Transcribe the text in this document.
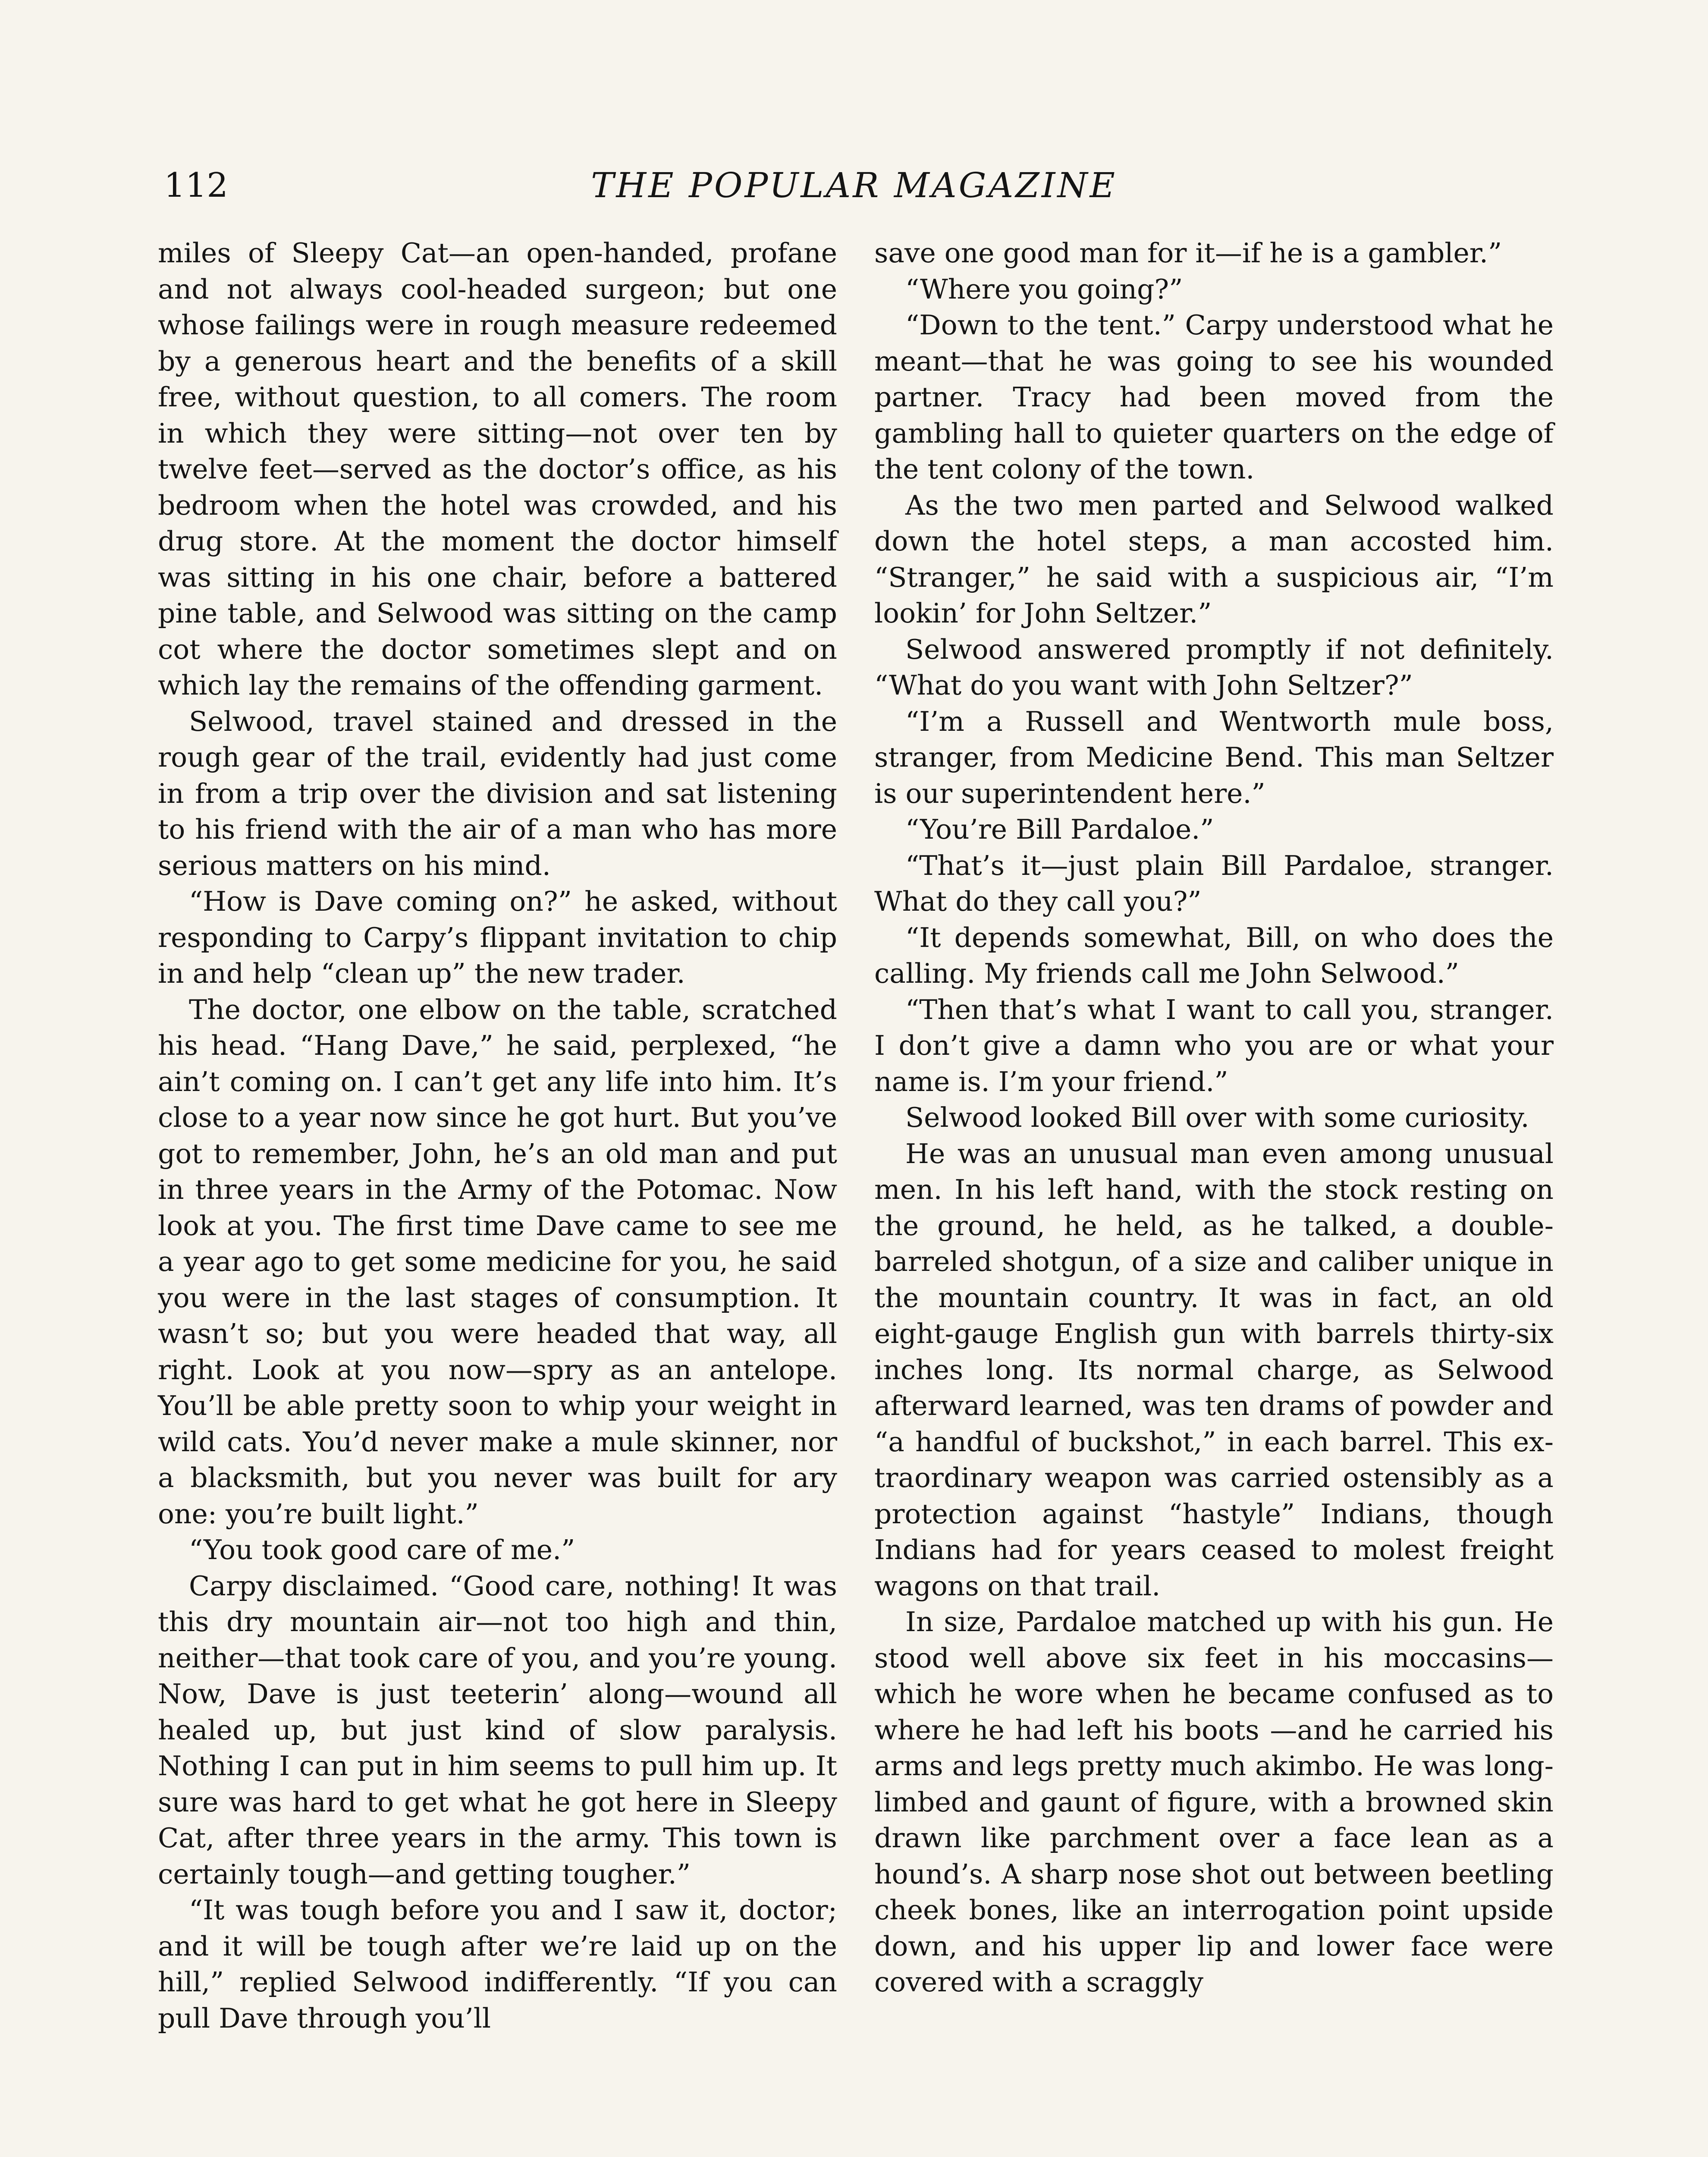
112	THE POPULAR MAGAZINE

miles of Sleepy Cat—an open-handed, profane and not always cool-headed surgeon; but one whose failings were in rough measure redeemed by a generous heart and the benefits of a skill free, without question, to all comers. The room in which they were sitting—not over ten by twelve feet—served as the doctor’s office, as his bedroom when the hotel was crowded, and his drug store. At the moment the doctor himself was sitting in his one chair, before a battered pine table, and Selwood was sitting on the camp cot where the doctor sometimes slept and on which lay the remains of the offending garment.

Selwood, travel stained and dressed in the rough gear of the trail, evidently had just come in from a trip over the division and sat listening to his friend with the air of a man who has more serious matters on his mind.

“How is Dave coming on?” he asked, without responding to Carpy’s flippant invitation to chip in and help “clean up” the new trader.

The doctor, one elbow on the table, scratched his head. “Hang Dave,” he said, perplexed, “he ain’t coming on. I can’t get any life into him. It’s close to a year now since he got hurt. But you’ve got to remember, John, he’s an old man and put in three years in the Army of the Potomac. Now look at you. The first time Dave came to see me a year ago to get some medicine for you, he said you were in the last stages of consumption. It wasn’t so; but you were headed that way, all right. Look at you now—spry as an antelope. You’ll be able pretty soon to whip your weight in wild cats. You’d never make a mule skinner, nor a blacksmith, but you never was built for ary one: you’re built light.”

“You took good care of me.”

Carpy disclaimed. “Good care, nothing! It was this dry mountain air—not too high and thin, neither—that took care of you, and you’re young. Now, Dave is just teeterin’ along—wound all healed up, but just kind of slow paralysis. Nothing I can put in him seems to pull him up. It sure was hard to get what he got here in Sleepy Cat, after three years in the army. This town is certainly tough—and getting tougher.”

“It was tough before you and I saw it, doctor; and it will be tough after we’re laid up on the hill,” replied Selwood indifferently. “If you can pull Dave through you’ll

save one good man for it—if he is a gambler.”

“Where you going?”

“Down to the tent.” Carpy understood what he meant—that he was going to see his wounded partner. Tracy had been moved from the gambling hall to quieter quarters on the edge of the tent colony of the town.

As the two men parted and Selwood walked down the hotel steps, a man accosted him. “Stranger,” he said with a suspicious air, “I’m lookin’ for John Seltzer.”

Selwood answered promptly if not definitely. “What do you want with John Seltzer?”

“I’m a Russell and Wentworth mule boss, stranger, from Medicine Bend. This man Seltzer is our superintendent here.”

“You’re Bill Pardaloe.”

“That’s it—just plain Bill Pardaloe, stranger. What do they call you?”

“It depends somewhat, Bill, on who does the calling. My friends call me John Selwood.”

“Then that’s what I want to call you, stranger. I don’t give a damn who you are or what your name is. I’m your friend.”

Selwood looked Bill over with some curiosity.

He was an unusual man even among unusual men. In his left hand, with the stock resting on the ground, he held, as he talked, a double-barreled shotgun, of a size and caliber unique in the mountain country. It was in fact, an old eight-gauge English gun with barrels thirty-six inches long. Its normal charge, as Selwood afterward learned, was ten drams of powder and “a handful of buckshot,” in each barrel. This extraordinary weapon was carried ostensibly as a protection against “hastyle” Indians, though Indians had for years ceased to molest freight wagons on that trail.

In size, Pardaloe matched up with his gun. He stood well above six feet in his moccasins—which he wore when he became confused as to where he had left his boots —and he carried his arms and legs pretty much akimbo. He was long-limbed and gaunt of figure, with a browned skin drawn like parchment over a face lean as a hound’s. A sharp nose shot out between beetling cheek bones, like an interrogation point upside down, and his upper lip and lower face were covered with a scraggly
